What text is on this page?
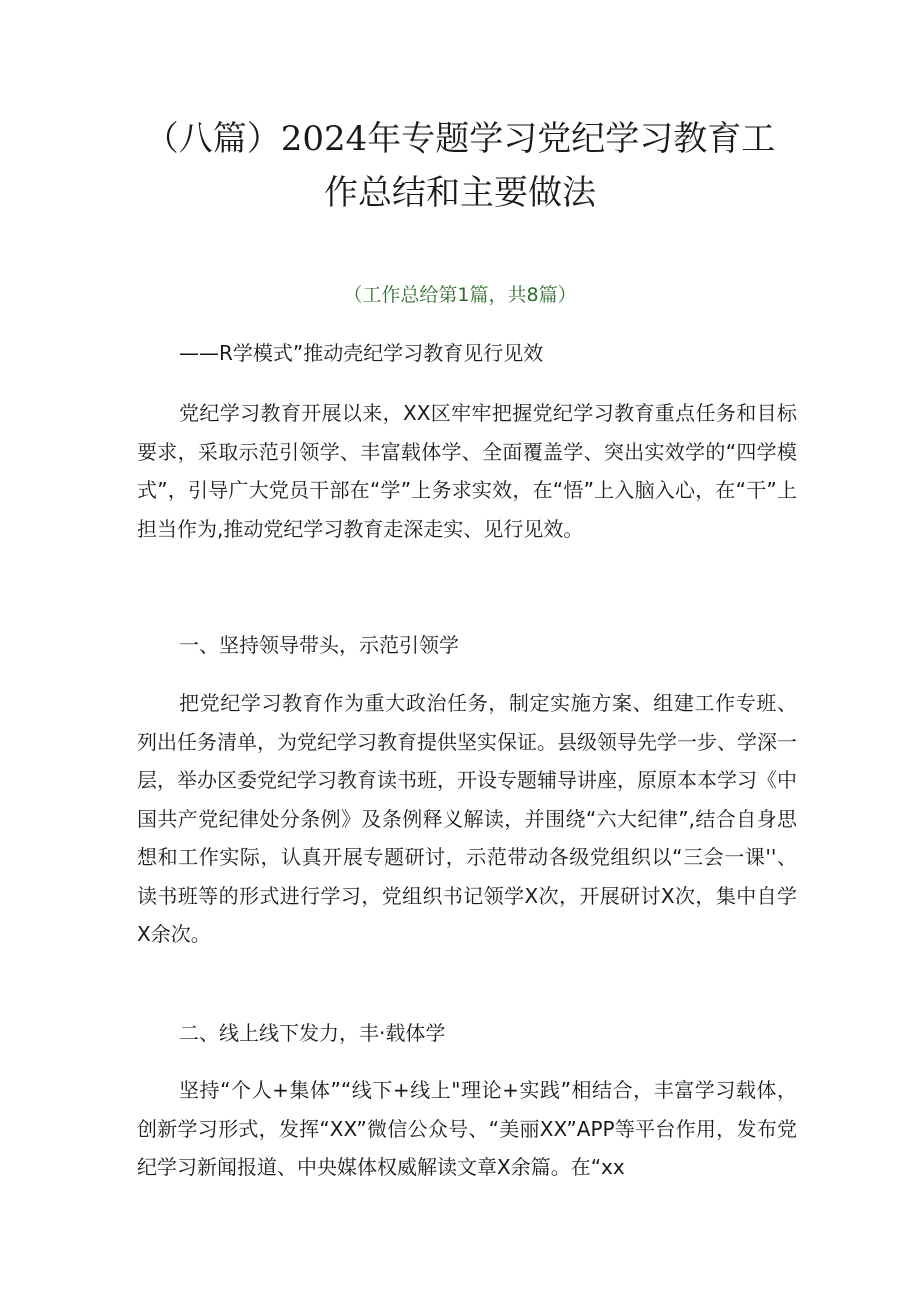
（八篇）2024年专题学习党纪学习教育工
作总结和主要做法
（工作总给第1篇，共8篇）

——R学模式”推动壳纪学习教育见行见效

党纪学习教育开展以来，XX区牢牢把握党纪学习教育重点任务和目标要求，采取示范引领学、丰富载体学、全面覆盖学、突出实效学的“四学模式”，引导广大党员干部在“学”上务求实效，在“悟”上入脑入心，在“干”上担当作为,推动党纪学习教育走深走实、见行见效。

一、坚持领导带头，示范引领学

把党纪学习教育作为重大政治任务，制定实施方案、组建工作专班、列出任务清单，为党纪学习教育提供坚实保证。县级领导先学一步、学深一层，举办区委党纪学习教育读书班，开设专题辅导讲座，原原本本学习《中国共产党纪律处分条例》及条例释义解读，并围绕“六大纪律”,结合自身思想和工作实际，认真开展专题研讨，示范带动各级党组织以“三会一课''、读书班等的形式进行学习，党组织书记领学X次，开展研讨X次，集中自学X余次。

二、线上线下发力，丰·载体学

坚持“个人+集体”“线下+线上"理论+实践”相结合，丰富学习载体，创新学习形式，发挥“XX”微信公众号、“美丽XX”APP等平台作用，发布党纪学习新闻报道、中央媒体权威解读文章X余篇。在“xx
